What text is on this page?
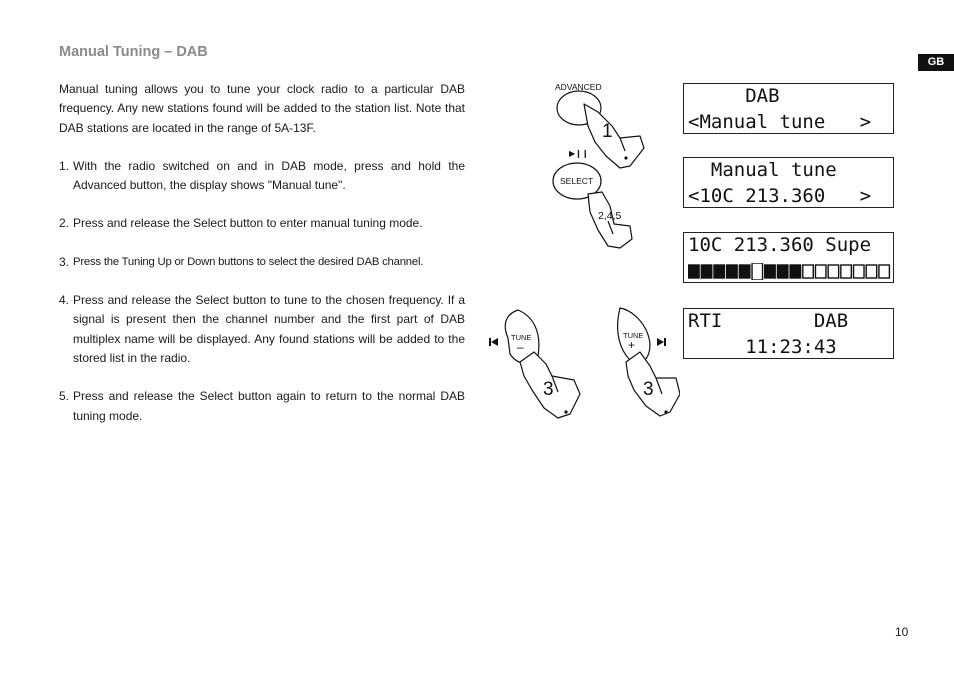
Manual Tuning – DAB
GB

Manual tuning allows you to tune your clock radio to a particular DAB frequency. Any new stations found will be added to the station list. Note that DAB stations are located in the range of 5A-13F.

1. With the radio switched on and in DAB mode, press and hold the Advanced button, the display shows "Manual tune".
2. Press and release the Select button to enter manual tuning mode.
3. Press the Tuning Up or Down buttons to select the desired DAB channel.
4. Press and release the Select button to tune to the chosen frequency. If a signal is present then the channel number and the first part of DAB multiplex name will be displayed. Any found stations will be added to the stored list in the radio.
5. Press and release the Select button again to return to the normal DAB tuning mode.
ADVANCED
1
▶❙❙
SELECT
2,4,5
TUNE
–
TUNE
+
3	3
DAB
<Manual tune   >
Manual tune
<10C 213.360   >
10C 213.360 Supe
RTI        DAB
11:23:43
10
